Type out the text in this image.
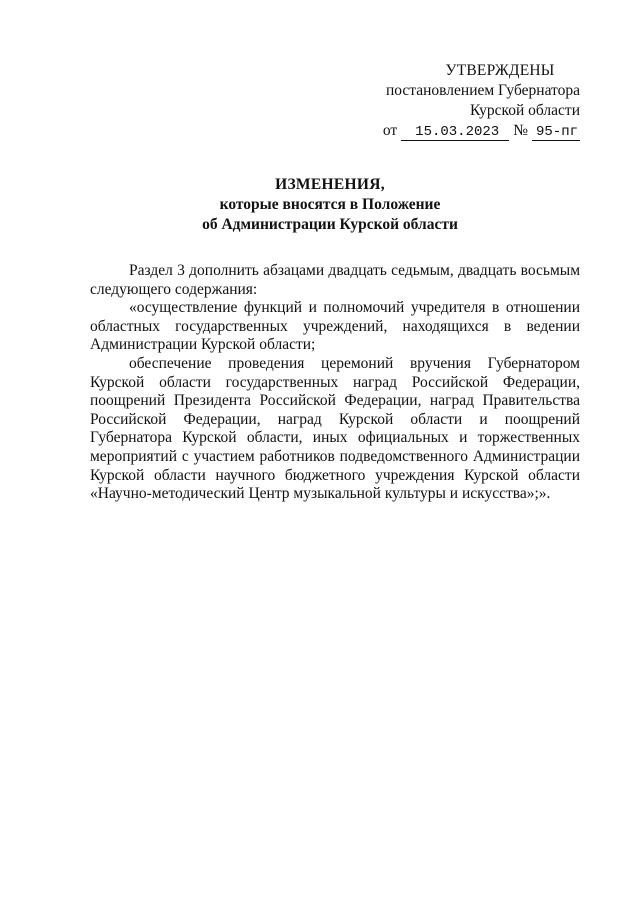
УТВЕРЖДЕНЫ
постановлением Губернатора
Курской области
от	15.03.2023 № 95-пг
ИЗМЕНЕНИЯ,
которые вносятся в Положение
об Администрации Курской области

Раздел 3 дополнить абзацами двадцать седьмым, двадцать восьмым следующего содержания:

«осуществление функций и полномочий учредителя в отношении областных государственных учреждений, находящихся в ведении Администрации Курской области;

обеспечение проведения церемоний вручения Губернатором Курской области государственных наград Российской Федерации, поощрений Президента Российской Федерации, наград Правительства Российской Федерации, наград Курской области и поощрений Губернатора Курской области, иных официальных и торжественных мероприятий с участием работников подведомственного Администрации Курской области научного бюджетного учреждения Курской области «Научно-методический Центр музыкальной культуры и искусства»;».
